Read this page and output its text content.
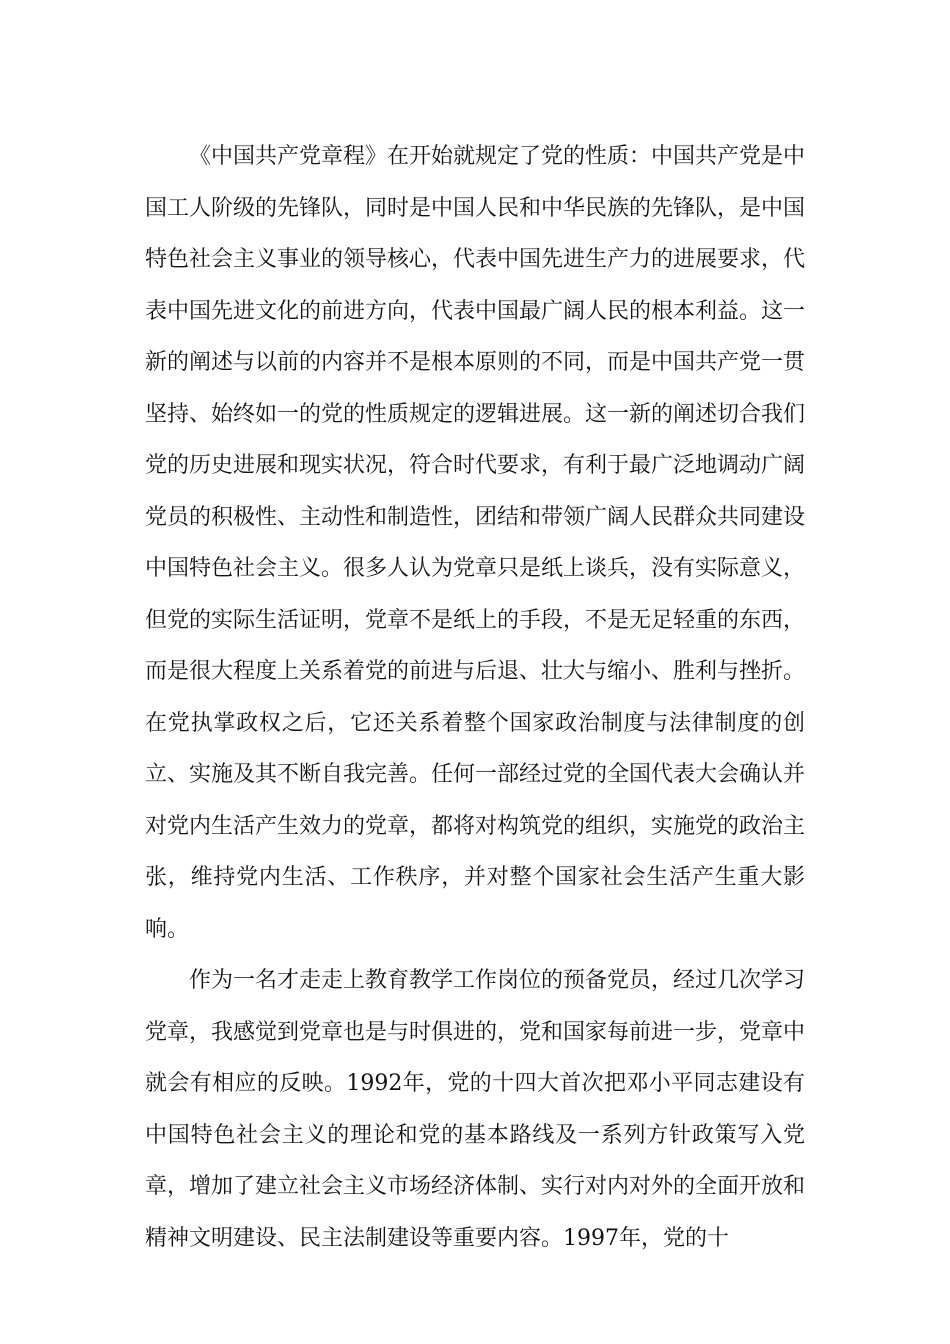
《中国共产党章程》在开始就规定了党的性质：中国共产党是中国工人阶级的先锋队，同时是中国人民和中华民族的先锋队，是中国特色社会主义事业的领导核心，代表中国先进生产力的进展要求，代表中国先进文化的前进方向，代表中国最广阔人民的根本利益。这一新的阐述与以前的内容并不是根本原则的不同，而是中国共产党一贯坚持、始终如一的党的性质规定的逻辑进展。这一新的阐述切合我们党的历史进展和现实状况，符合时代要求，有利于最广泛地调动广阔党员的积极性、主动性和制造性，团结和带领广阔人民群众共同建设中国特色社会主义。很多人认为党章只是纸上谈兵，没有实际意义，但党的实际生活证明，党章不是纸上的手段，不是无足轻重的东西，而是很大程度上关系着党的前进与后退、壮大与缩小、胜利与挫折。在党执掌政权之后，它还关系着整个国家政治制度与法律制度的创立、实施及其不断自我完善。任何一部经过党的全国代表大会确认并对党内生活产生效力的党章，都将对构筑党的组织，实施党的政治主张，维持党内生活、工作秩序，并对整个国家社会生活产生重大影响。

作为一名才走走上教育教学工作岗位的预备党员，经过几次学习党章，我感觉到党章也是与时俱进的，党和国家每前进一步，党章中就会有相应的反映。1992年，党的十四大首次把邓小平同志建设有中国特色社会主义的理论和党的基本路线及一系列方针政策写入党章，增加了建立社会主义市场经济体制、实行对内对外的全面开放和精神文明建设、民主法制建设等重要内容。1997年，党的十
